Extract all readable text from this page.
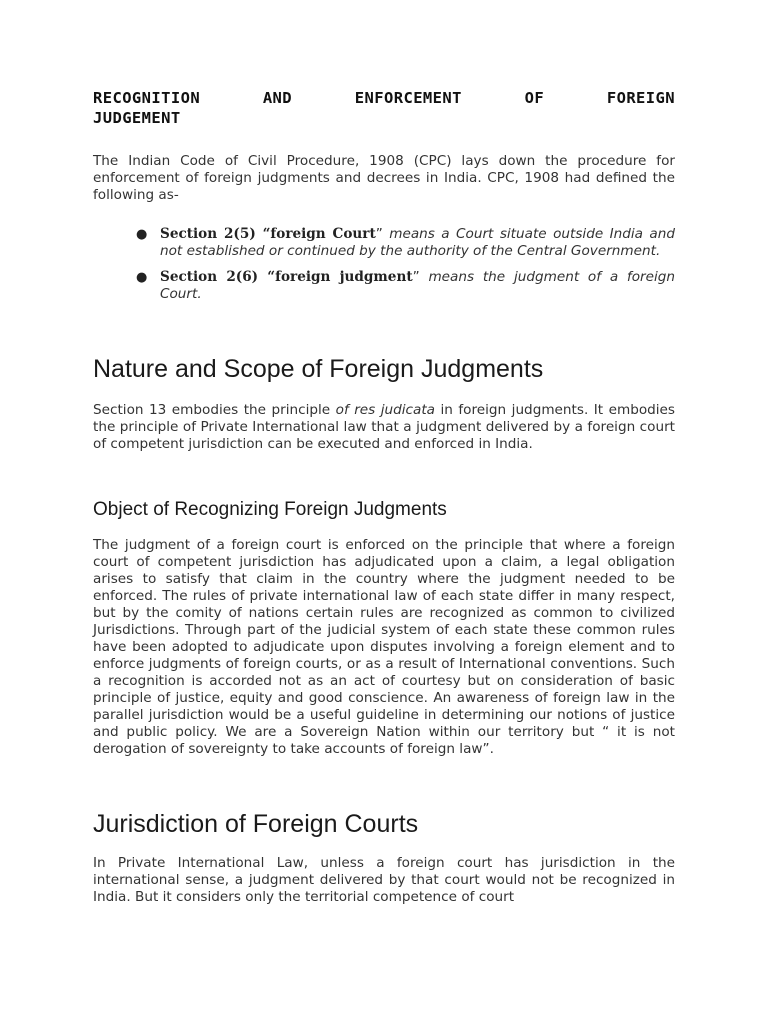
RECOGNITION	AND	ENFORCEMENT	OF	FOREIGN
JUDGEMENT

The Indian Code of Civil Procedure, 1908 (CPC) lays down the procedure for enforcement of foreign judgments and decrees in India. CPC, 1908 had defined the following as-

● Section 2(5) “foreign Court” means a Court situate outside India and not established or continued by the authority of the Central Government.
● Section 2(6) “foreign judgment” means the judgment of a foreign Court.
Nature and Scope of Foreign Judgments

Section 13 embodies the principle of res judicata in foreign judgments. It embodies the principle of Private International law that a judgment delivered by a foreign court of competent jurisdiction can be executed and enforced in India.

Object of Recognizing Foreign Judgments

The judgment of a foreign court is enforced on the principle that where a foreign court of competent jurisdiction has adjudicated upon a claim, a legal obligation arises to satisfy that claim in the country where the judgment needed to be enforced. The rules of private international law of each state differ in many respect, but by the comity of nations certain rules are recognized as common to civilized Jurisdictions. Through part of the judicial system of each state these common rules have been adopted to adjudicate upon disputes involving a foreign element and to enforce judgments of foreign courts, or as a result of International conventions. Such a recognition is accorded not as an act of courtesy but on consideration of basic principle of justice, equity and good conscience. An awareness of foreign law in the parallel jurisdiction would be a useful guideline in determining our notions of justice and public policy. We are a Sovereign Nation within our territory but “ it is not derogation of sovereignty to take accounts of foreign law”.

Jurisdiction of Foreign Courts

In Private International Law, unless a foreign court has jurisdiction in the international sense, a judgment delivered by that court would not be recognized in India. But it considers only the territorial competence of court
